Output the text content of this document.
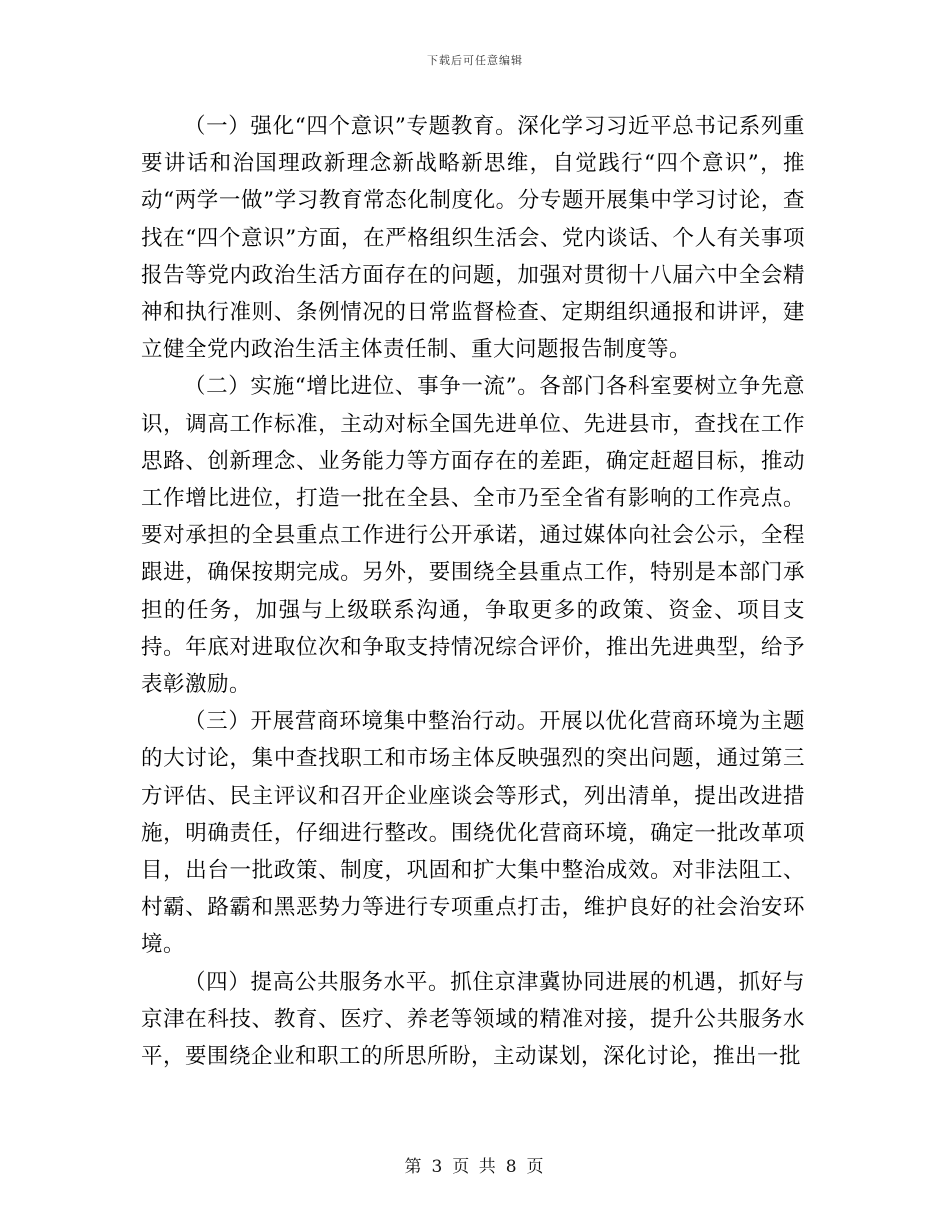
下载后可任意编辑

（一）强化“四个意识”专题教育。深化学习习近平总书记系列重要讲话和治国理政新理念新战略新思维，自觉践行“四个意识”，推动“两学一做”学习教育常态化制度化。分专题开展集中学习讨论，查找在“四个意识”方面，在严格组织生活会、党内谈话、个人有关事项报告等党内政治生活方面存在的问题，加强对贯彻十八届六中全会精神和执行准则、条例情况的日常监督检查、定期组织通报和讲评，建立健全党内政治生活主体责任制、重大问题报告制度等。

（二）实施“增比进位、事争一流”。各部门各科室要树立争先意识，调高工作标准，主动对标全国先进单位、先进县市，查找在工作思路、创新理念、业务能力等方面存在的差距，确定赶超目标，推动工作增比进位，打造一批在全县、全市乃至全省有影响的工作亮点。要对承担的全县重点工作进行公开承诺，通过媒体向社会公示，全程跟进，确保按期完成。另外，要围绕全县重点工作，特别是本部门承担的任务，加强与上级联系沟通，争取更多的政策、资金、项目支持。年底对进取位次和争取支持情况综合评价，推出先进典型，给予表彰激励。

（三）开展营商环境集中整治行动。开展以优化营商环境为主题的大讨论，集中查找职工和市场主体反映强烈的突出问题，通过第三方评估、民主评议和召开企业座谈会等形式，列出清单，提出改进措施，明确责任，仔细进行整改。围绕优化营商环境，确定一批改革项目，出台一批政策、制度，巩固和扩大集中整治成效。对非法阻工、村霸、路霸和黑恶势力等进行专项重点打击，维护良好的社会治安环境。

（四）提高公共服务水平。抓住京津冀协同进展的机遇，抓好与京津在科技、教育、医疗、养老等领域的精准对接，提升公共服务水平，要围绕企业和职工的所思所盼，主动谋划，深化讨论，推出一批

第 3 页 共 8 页
